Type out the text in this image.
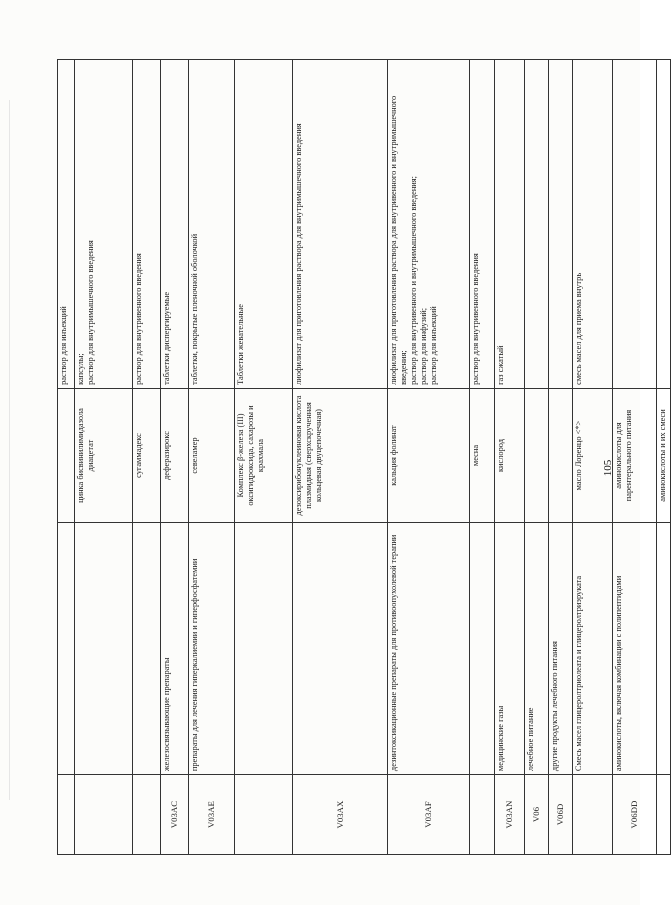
			раствор для инъекций

		цинка бисвинилимидазола диацетат	капсулы; раствор для внутримышечного введения

		сугаммадекс	раствор для внутривенного введения

V03AC	железосвязывающие препараты	деферазирокс	таблетки диспергируемые

V03AE	препараты для лечения гиперкалиемии и гиперфосфатемии	севеламер	таблетки, покрытые пленочной оболочкой

		Комплекс β-железа (III) оксигидроксида, сахарозы и крахмала	Таблетки жевательные

V03AX		дезоксирибонуклеиновая кислота плазмидная (сверхскрученная кольцевая двуцепочечная)	лиофилизат для приготовления раствора для внутримышечного введения

V03AF	дезинтоксикационные препараты для противоопухолевой терапии	кальция фолинат	лиофилизат для приготовления раствора для внутривенного и внутримышечного введения; раствор для внутривенного и внутримышечного введения; раствор для инфузий; раствор для инъекций

		месна	раствор для внутривенного введения

V03AN	медицинские газы	кислород	газ сжатый

V06	лечебное питание		
V06D	другие продукты лечебного питания		
	Смесь масел глицеролтриолеата и глицеролтриэруката	масло Лоренцо <*>	смесь масел для приема внутрь

V06DD	аминокислоты, включая комбинации с полипептидами	аминокислоты для парентерального питания	
		аминокислоты и их смеси	
105
